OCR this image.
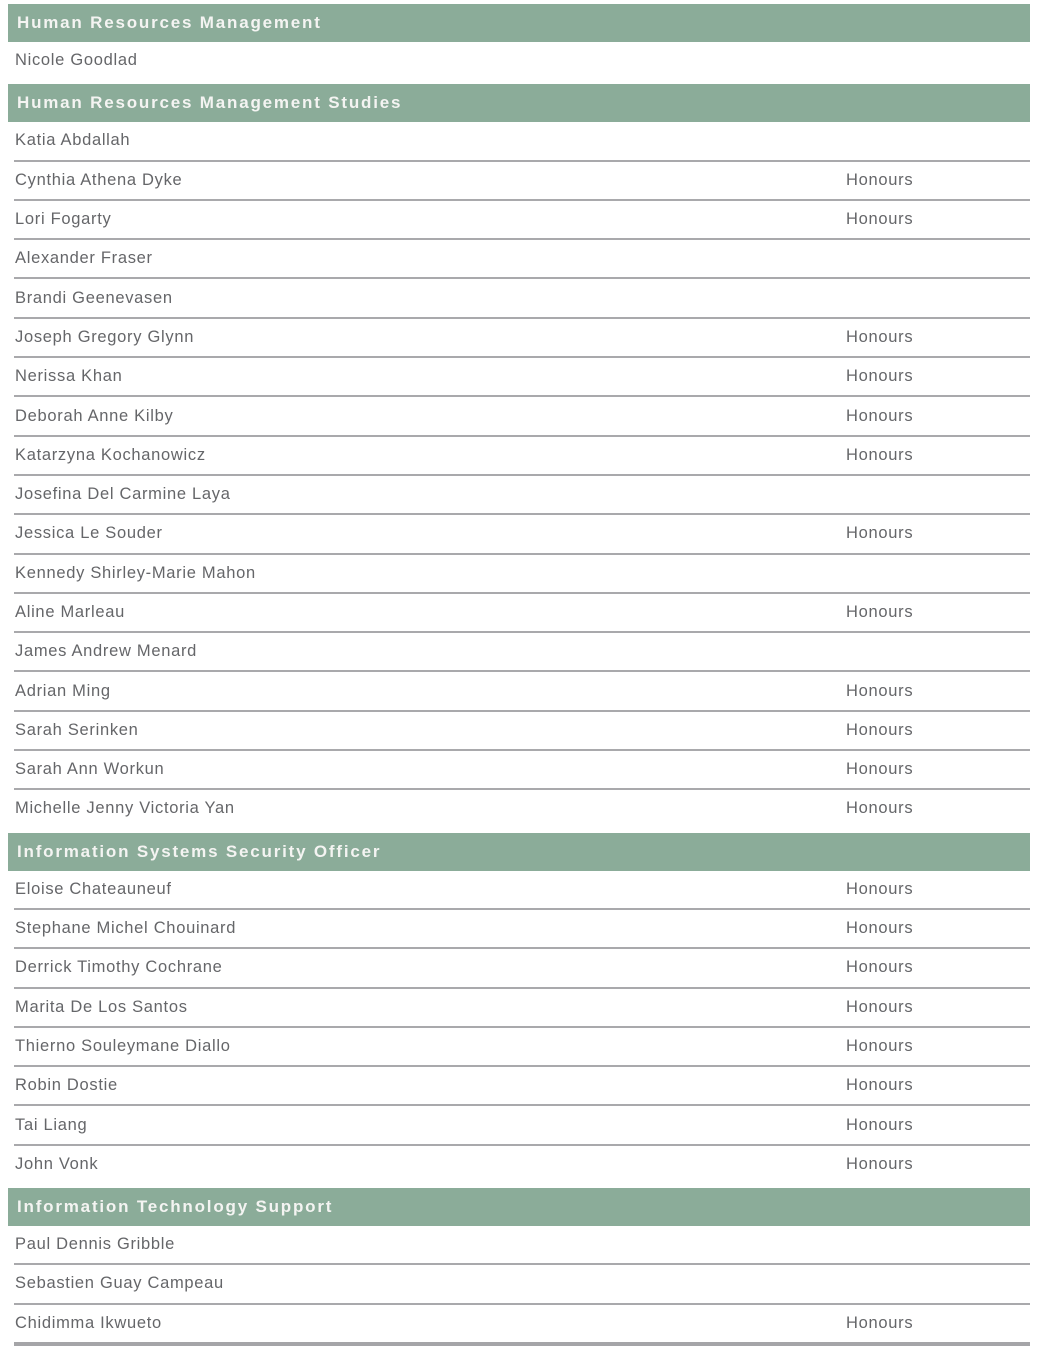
Human Resources Management
Nicole Goodlad
Human Resources Management Studies
Katia Abdallah
Cynthia Athena Dyke	Honours
Lori Fogarty	Honours
Alexander Fraser
Brandi Geenevasen
Joseph Gregory Glynn	Honours
Nerissa Khan	Honours
Deborah Anne Kilby	Honours
Katarzyna Kochanowicz	Honours
Josefina Del Carmine Laya
Jessica Le Souder	Honours
Kennedy Shirley-Marie Mahon
Aline Marleau	Honours
James Andrew Menard
Adrian Ming	Honours
Sarah Serinken	Honours
Sarah Ann Workun	Honours
Michelle Jenny Victoria Yan	Honours
Information Systems Security Officer
Eloise Chateauneuf	Honours
Stephane Michel Chouinard	Honours
Derrick Timothy Cochrane	Honours
Marita De Los Santos	Honours
Thierno Souleymane Diallo	Honours
Robin Dostie	Honours
Tai Liang	Honours
John Vonk	Honours
Information Technology Support
Paul Dennis Gribble
Sebastien Guay Campeau
Chidimma Ikwueto	Honours
